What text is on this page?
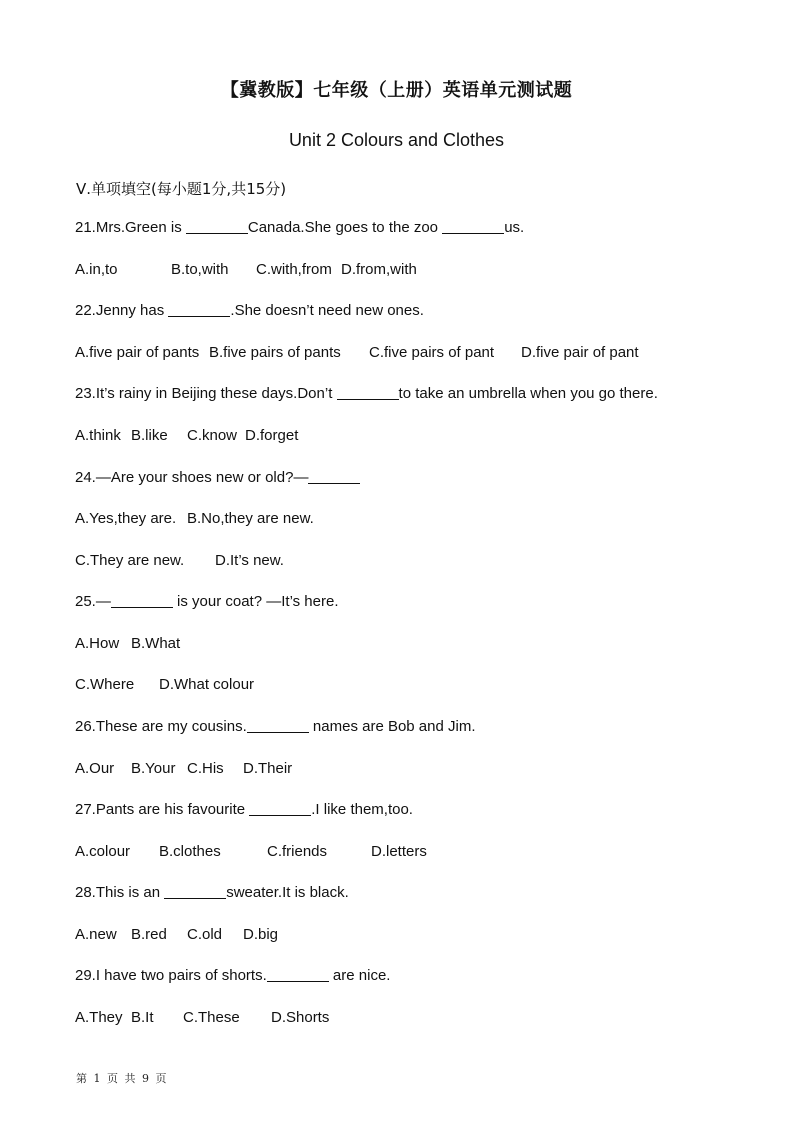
【冀教版】七年级（上册）英语单元测试题
Unit 2 Colours and Clothes
Ⅴ.单项填空(每小题1分,共15分)
21.Mrs.Green is	Canada.She goes to the zoo	us.
A.in,to	B.to,with C.with,from D.from,with
22.Jenny has	.She doesn’t need new ones.
A.five pair of pants B.five pairs of pants C.five pairs of pant D.five pair of pant
23.It’s rainy in Beijing these days.Don’t	to take an umbrella when you go there.
A.think B.like C.know D.forget
24.—Are your shoes new or old?—
A.Yes,they are. B.No,they are new.
C.They are new. D.It’s new.
25.—	is your coat? —It’s here.
A.How B.What
C.Where D.What colour
26.These are my cousins.	names are Bob and Jim.
A.Our B.Your C.His D.Their
27.Pants are his favourite	.I like them,too.
A.colour B.clothes	C.friends	D.letters
28.This is an	sweater.It is black.
A.new B.red C.old D.big
29.I have two pairs of shorts.	are nice.
A.They B.It C.These D.Shorts
第 1 页 共 9 页
